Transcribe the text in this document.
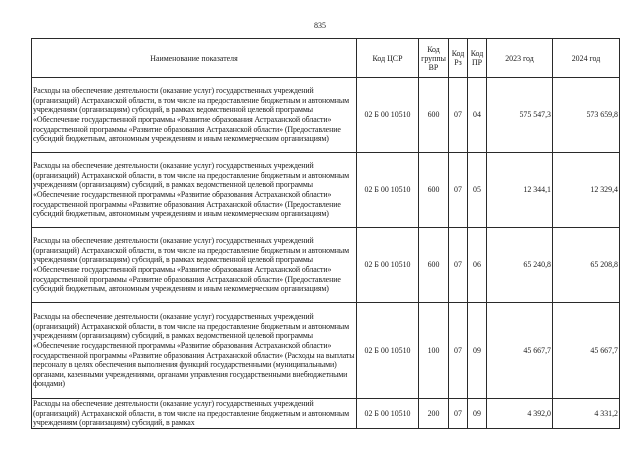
835
Наименование показателя	Код ЦСР	Код группы ВР	Код Рз	Код ПР	2023 год	2024 год
Расходы на обеспечение деятельности (оказание услуг) государственных учреждений (организаций) Астраханской области, в том числе на предоставление бюджетным и автономным учреждениям (организациям) субсидий, в рамках ведомственной целевой программы «Обеспечение государственной программы «Развитие образования Астраханской области» государственной программы «Развитие образования Астраханской области» (Предоставление субсидий бюджетным, автономным учреждениям и иным некоммерческим организациям)	02 Б 00 10510	600	07	04	575 547,3	573 659,8
Расходы на обеспечение деятельности (оказание услуг) государственных учреждений (организаций) Астраханской области, в том числе на предоставление бюджетным и автономным учреждениям (организациям) субсидий, в рамках ведомственной целевой программы «Обеспечение государственной программы «Развитие образования Астраханской области» государственной программы «Развитие образования Астраханской области» (Предоставление субсидий бюджетным, автономным учреждениям и иным некоммерческим организациям)	02 Б 00 10510	600	07	05	12 344,1	12 329,4
Расходы на обеспечение деятельности (оказание услуг) государственных учреждений (организаций) Астраханской области, в том числе на предоставление бюджетным и автономным учреждениям (организациям) субсидий, в рамках ведомственной целевой программы «Обеспечение государственной программы «Развитие образования Астраханской области» государственной программы «Развитие образования Астраханской области» (Предоставление субсидий бюджетным, автономным учреждениям и иным некоммерческим организациям)	02 Б 00 10510	600	07	06	65 240,8	65 208,8
Расходы на обеспечение деятельности (оказание услуг) государственных учреждений (организаций) Астраханской области, в том числе на предоставление бюджетным и автономным учреждениям (организациям) субсидий, в рамках ведомственной целевой программы «Обеспечение государственной программы «Развитие образования Астраханской области» государственной программы «Развитие образования Астраханской области» (Расходы на выплаты персоналу в целях обеспечения выполнения функций государственными (муниципальными) органами, казенными учреждениями, органами управления государственными внебюджетными фондами)	02 Б 00 10510	100	07	09	45 667,7	45 667,7
Расходы на обеспечение деятельности (оказание услуг) государственных учреждений (организаций) Астраханской области, в том числе на предоставление бюджетным и автономным учреждениям (организациям) субсидий, в рамках	02 Б 00 10510	200	07	09	4 392,0	4 331,2
